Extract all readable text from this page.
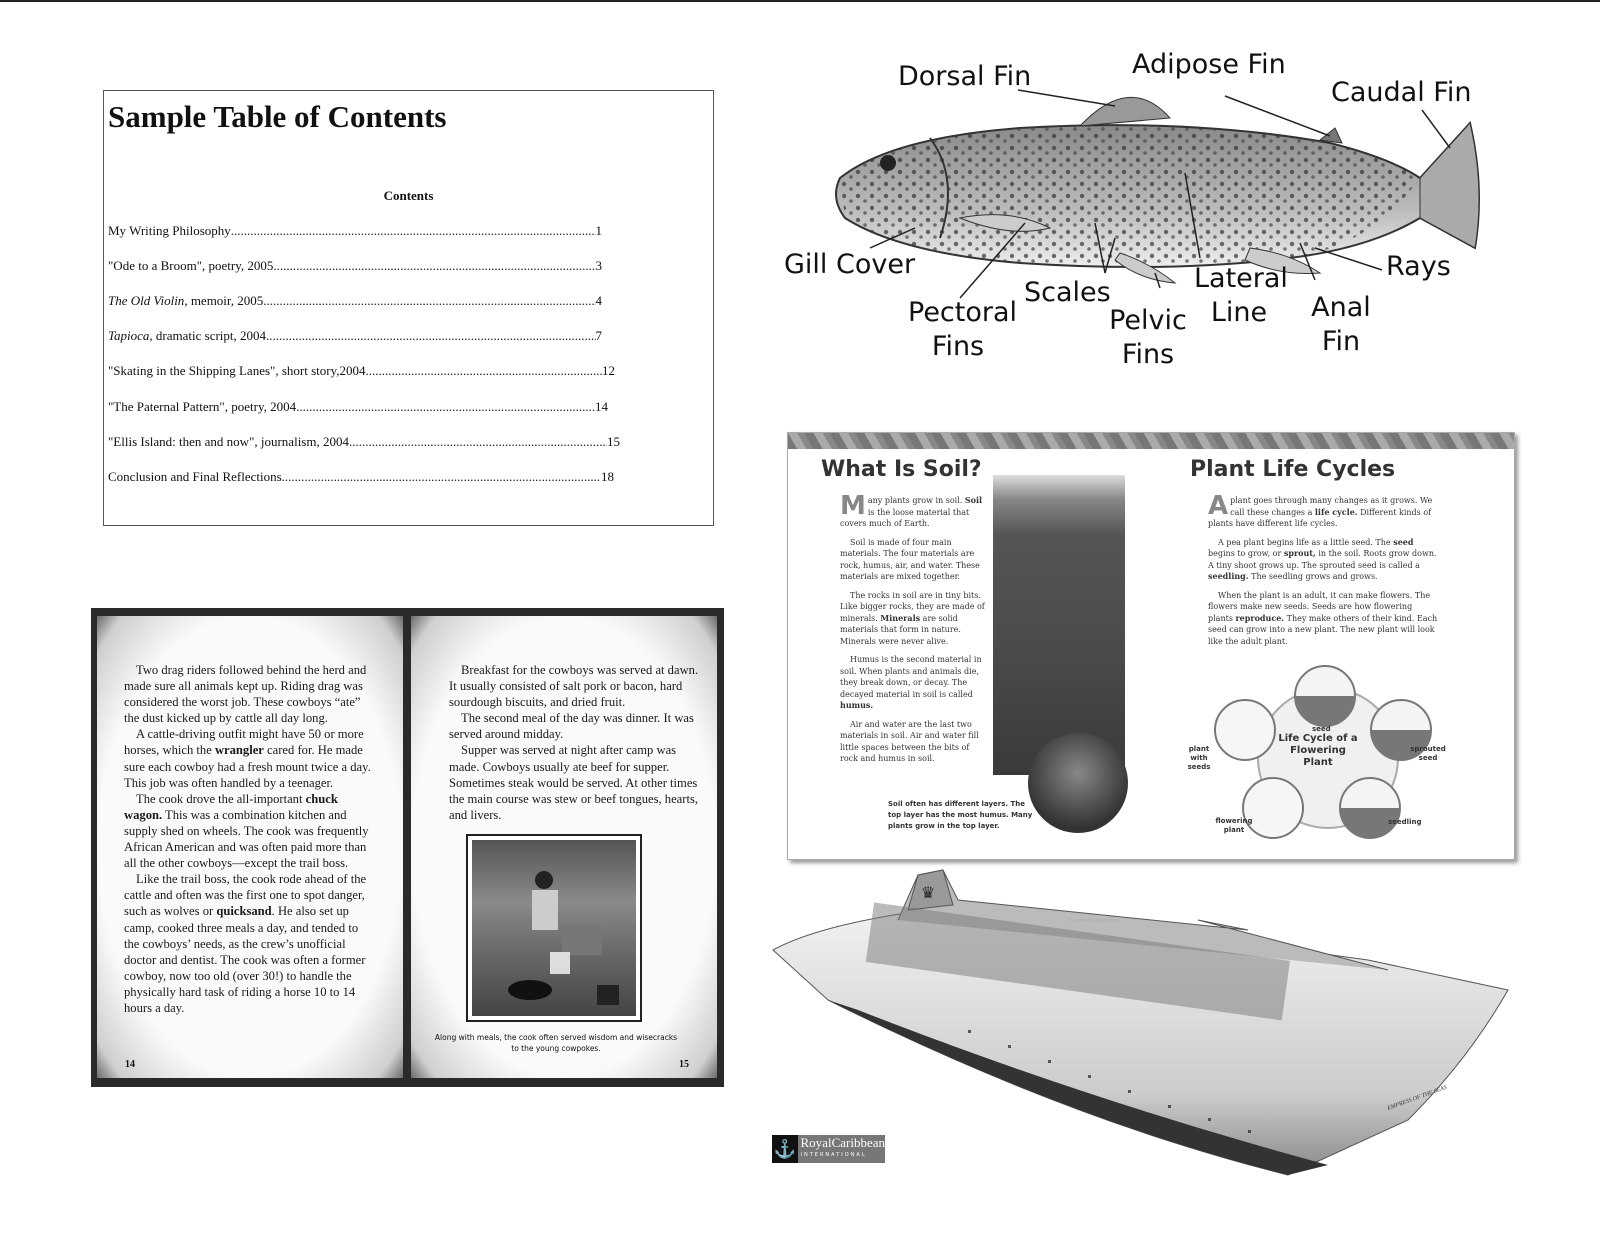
Sample Table of Contents
Contents
My Writing Philosophy .....	1
"Ode to a Broom", poetry, 2005 .....	3
The Old Violin , memoir, 2005 .....	4
Tapioca , dramatic script, 2004 .....	7
"Skating in the Shipping Lanes", short story,2004 .....	12
"The Paternal Pattern", poetry, 2004 .....	14
"Ellis Island: then and now", journalism, 2004 .....	15
Conclusion and Final Reflections .....	18

Two drag riders followed behind the herd and made sure all animals kept up. Riding drag was considered the worst job. These cowboys “ate” the dust kicked up by cattle all day long.

A cattle-driving outfit might have 50 or more horses, which the wrangler cared for. He made sure each cowboy had a fresh mount twice a day. This job was often handled by a teenager.

The cook drove the all-important chuck wagon. This was a combination kitchen and supply shed on wheels. The cook was frequently African American and was often paid more than all the other cowboys—except the trail boss.

Like the trail boss, the cook rode ahead of the cattle and often was the first one to spot danger, such as wolves or quicksand. He also set up camp, cooked three meals a day, and tended to the cowboys’ needs, as the crew’s unofficial doctor and dentist. The cook was often a former cowboy, now too old (over 30!) to handle the physically hard task of riding a horse 10 to 14 hours a day.

14

Breakfast for the cowboys was served at dawn. It usually consisted of salt pork or bacon, hard sourdough biscuits, and dried fruit.

The second meal of the day was dinner. It was served around midday.

Supper was served at night after camp was made. Cowboys usually ate beef for supper. Sometimes steak would be served. At other times the main course was stew or beef tongues, hearts, and livers.

Along with meals, the cook often served wisdom and wisecracks to the young cowpokes.
15
Dorsal Fin	Adipose Fin
Caudal Fin
Gill Cover
Pectoral Fins
Scales
Pelvic Fins
Lateral Line	Anal Fin
Rays
What Is Soil?
M any plants grow in soil. Soil is the loose material that covers much of Earth.

Soil is made of four main materials. The four materials are rock, humus, air, and water. These materials are mixed together.

The rocks in soil are in tiny bits. Like bigger rocks, they are made of minerals. Minerals are solid materials that form in nature. Minerals were never alive.

Humus is the second material in soil. When plants and animals die, they break down, or decay. The decayed material in soil is called humus.

Air and water are the last two materials in soil. Air and water fill little spaces between the bits of rock and humus in soil.

Soil often has different layers. The top layer has the most humus. Many plants grow in the top layer.
Plant Life Cycles
A plant goes through many changes as it grows. We call these changes a life cycle. Different kinds of plants have different life cycles.

A pea plant begins life as a little seed. The seed begins to grow, or sprout, in the soil. Roots grow down. A tiny shoot grows up. The sprouted seed is called a seedling. The seedling grows and grows.

When the plant is an adult, it can make flowers. The flowers make new seeds. Seeds are how flowering plants reproduce. They make others of their kind. Each seed can grow into a new plant. The new plant will look like the adult plant.

Life Cycle of a Flowering Plant
seed
sprouted seed
seedling
flowering plant
plant with seeds
♛
© www.khulsey.com
EMPRESS OF THE SEAS
⚓ RoyalCaribbean
INTERNATIONAL
